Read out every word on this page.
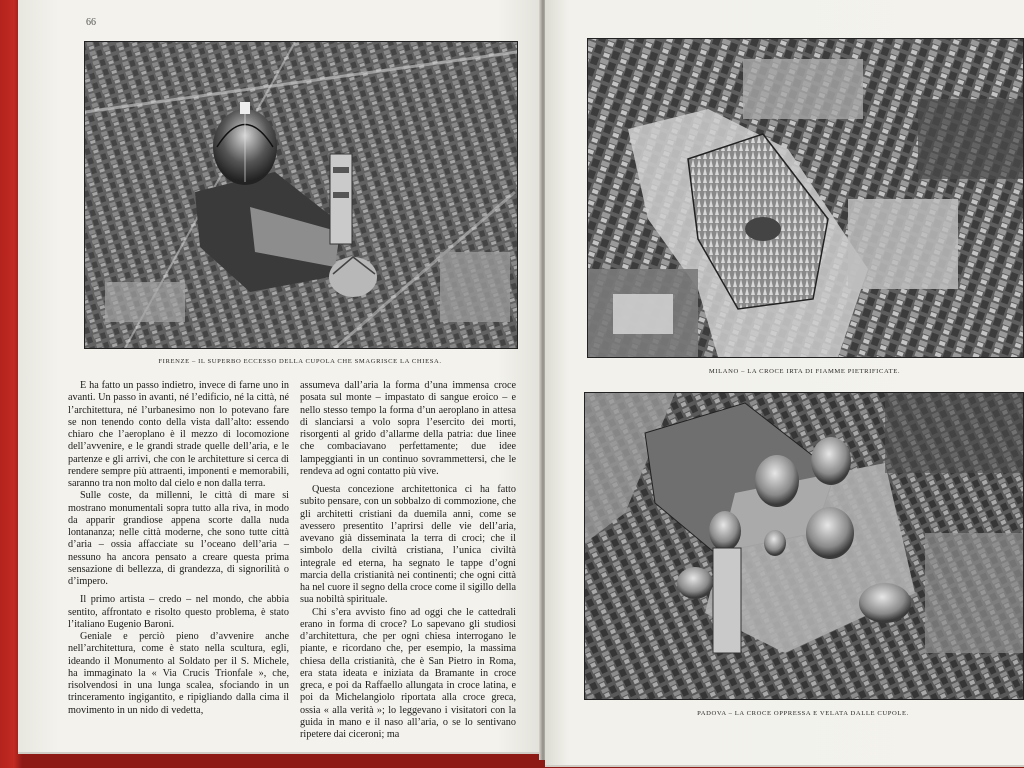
66
FIRENZE – IL SUPERBO ECCESSO DELLA CUPOLA CHE SMAGRISCE LA CHIESA.

E ha fatto un passo indietro, invece di farne uno in avanti. Un passo in avanti, né l’edificio, né la città, né l’architettura, né l’urbanesimo non lo potevano fare se non tenendo conto della vista dall’alto: essendo chiaro che l’aeroplano è il mezzo di locomozione dell’avvenire, e le grandi strade quelle dell’aria, e le partenze e gli arrivi, che con le architetture si cerca di rendere sempre più attraenti, imponenti e memorabili, saranno tra non molto dal cielo e non dalla terra.

Sulle coste, da millenni, le città di mare si mostrano monumentali sopra tutto alla riva, in modo da apparir grandiose appena scorte dalla nuda lontananza; nelle città moderne, che sono tutte città d’aria – ossia affacciate su l’oceano dell’aria – nessuno ha ancora pensato a creare questa prima sensazione di bellezza, di grandezza, di signorilità o d’impero.

Il primo artista – credo – nel mondo, che abbia sentito, affrontato e risolto questo problema, è stato l’italiano Eugenio Baroni.

Geniale e perciò pieno d’avvenire anche nell’architettura, come è stato nella scultura, egli, ideando il Monumento al Soldato per il S. Michele, ha immaginato la « Via Crucis Trionfale », che, risolvendosi in una lunga scalea, sfociando in un trinceramento ingigantito, e ripigliando dalla cima il movimento in un nido di vedetta,

assumeva dall’aria la forma d’una immensa croce posata sul monte – impastato di sangue eroico – e nello stesso tempo la forma d’un aeroplano in attesa di slanciarsi a volo sopra l’esercito dei morti, risorgenti al grido d’allarme della patria: due linee che combaciavano perfettamente; due idee lampeggianti in un continuo sovrammettersi, che le rendeva ad ogni contatto più vive.

Questa concezione architettonica ci ha fatto subito pensare, con un sobbalzo di commozione, che gli architetti cristiani da duemila anni, come se avessero presentito l’aprirsi delle vie dell’aria, avevano già disseminata la terra di croci; che il simbolo della civiltà cristiana, l’unica civiltà integrale ed eterna, ha segnato le tappe d’ogni marcia della cristianità nei continenti; che ogni città ha nel cuore il segno della croce come il sigillo della sua nobiltà spirituale.

Chi s’era avvisto fino ad oggi che le cattedrali erano in forma di croce? Lo sapevano gli studiosi d’architettura, che per ogni chiesa interrogano le piante, e ricordano che, per esempio, la massima chiesa della cristianità, che è San Pietro in Roma, era stata ideata e iniziata da Bramante in croce greca, e poi da Raffaello allungata in croce latina, e poi da Michelangiolo riportata alla croce greca, ossia « alla verità »; lo leggevano i visitatori con la guida in mano e il naso all’aria, o se lo sentivano ripetere dai ciceroni; ma

MILANO – LA CROCE IRTA DI FIAMME PIETRIFICATE.
PADOVA – LA CROCE OPPRESSA E VELATA DALLE CUPOLE.
